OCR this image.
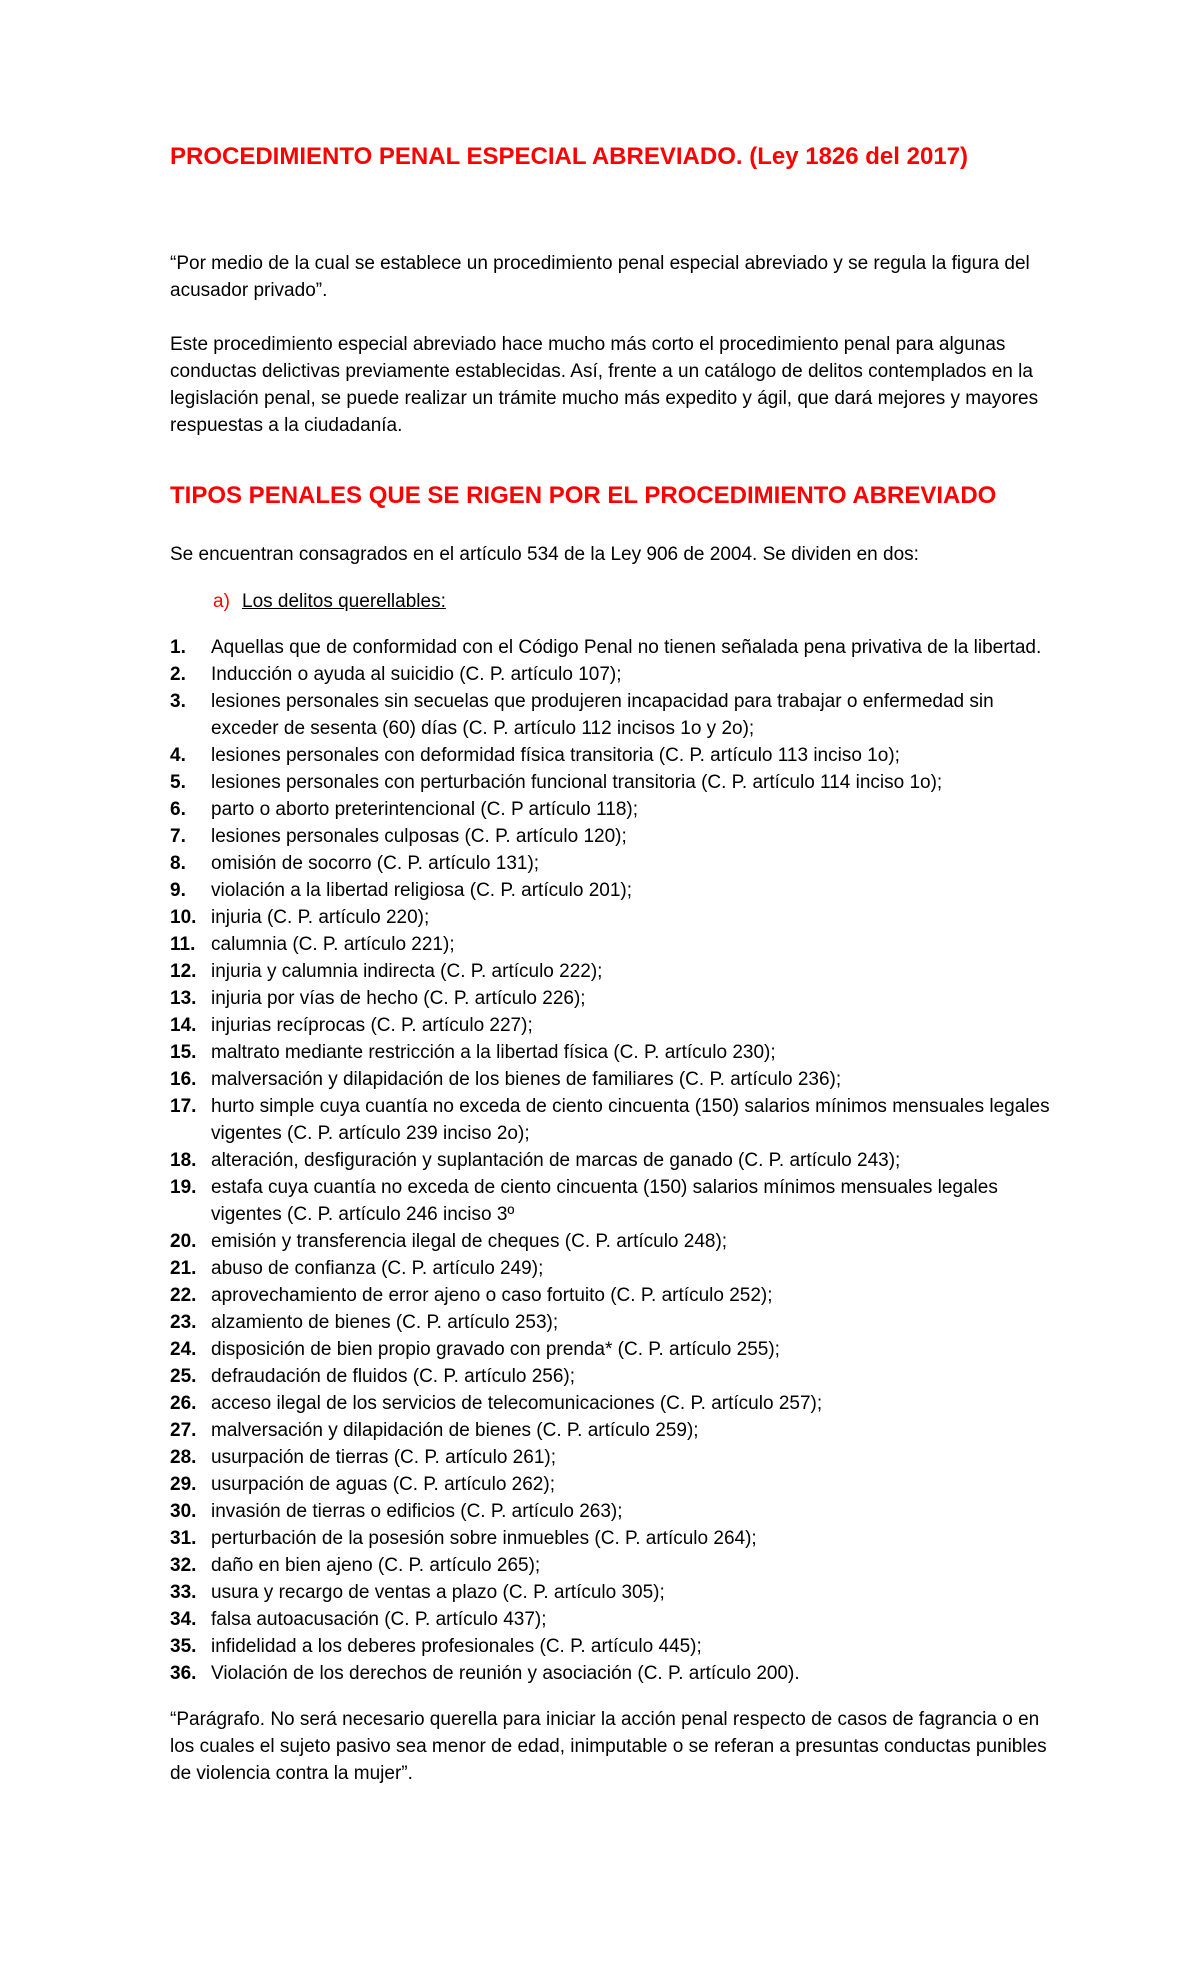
PROCEDIMIENTO PENAL ESPECIAL ABREVIADO. (Ley 1826 del 2017)

“Por medio de la cual se establece un procedimiento penal especial abreviado y se regula la figura del acusador privado”.

Este procedimiento especial abreviado hace mucho más corto el procedimiento penal para algunas conductas delictivas previamente establecidas. Así, frente a un catálogo de delitos contemplados en la legislación penal, se puede realizar un trámite mucho más expedito y ágil, que dará mejores y mayores respuestas a la ciudadanía.

TIPOS PENALES QUE SE RIGEN POR EL PROCEDIMIENTO ABREVIADO

Se encuentran consagrados en el artículo 534 de la Ley 906 de 2004. Se dividen en dos:

a) Los delitos querellables:
1.	Aquellas que de conformidad con el Código Penal no tienen señalada pena privativa de la libertad.
2.	Inducción o ayuda al suicidio (C. P. artículo 107);
3.	lesiones personales sin secuelas que produjeren incapacidad para trabajar o enfermedad sin exceder de sesenta (60) días (C. P. artículo 112 incisos 1o y 2o);
4.	lesiones personales con deformidad física transitoria (C. P. artículo 113 inciso 1o);
5.	lesiones personales con perturbación funcional transitoria (C. P. artículo 114 inciso 1o);
6.	parto o aborto preterintencional (C. P artículo 118);
7.	lesiones personales culposas (C. P. artículo 120);
8.	omisión de socorro (C. P. artículo 131);
9.	violación a la libertad religiosa (C. P. artículo 201);
10. injuria (C. P. artículo 220);
11. calumnia (C. P. artículo 221);
12. injuria y calumnia indirecta (C. P. artículo 222);
13. injuria por vías de hecho (C. P. artículo 226);
14. injurias recíprocas (C. P. artículo 227);
15. maltrato mediante restricción a la libertad física (C. P. artículo 230);
16. malversación y dilapidación de los bienes de familiares (C. P. artículo 236);
17. hurto simple cuya cuantía no exceda de ciento cincuenta (150) salarios mínimos mensuales legales vigentes (C. P. artículo 239 inciso 2o);
18. alteración, desfiguración y suplantación de marcas de ganado (C. P. artículo 243);
19. estafa cuya cuantía no exceda de ciento cincuenta (150) salarios mínimos mensuales legales vigentes (C. P. artículo 246 inciso 3º
20. emisión y transferencia ilegal de cheques (C. P. artículo 248);
21. abuso de confianza (C. P. artículo 249);
22. aprovechamiento de error ajeno o caso fortuito (C. P. artículo 252);
23. alzamiento de bienes (C. P. artículo 253);
24. disposición de bien propio gravado con prenda* (C. P. artículo 255);
25. defraudación de fluidos (C. P. artículo 256);
26. acceso ilegal de los servicios de telecomunicaciones (C. P. artículo 257);
27. malversación y dilapidación de bienes (C. P. artículo 259);
28. usurpación de tierras (C. P. artículo 261);
29. usurpación de aguas (C. P. artículo 262);
30. invasión de tierras o edificios (C. P. artículo 263);
31. perturbación de la posesión sobre inmuebles (C. P. artículo 264);
32. daño en bien ajeno (C. P. artículo 265);
33. usura y recargo de ventas a plazo (C. P. artículo 305);
34. falsa autoacusación (C. P. artículo 437);
35. infidelidad a los deberes profesionales (C. P. artículo 445);
36. Violación de los derechos de reunión y asociación (C. P. artículo 200).

“Parágrafo. No será necesario querella para iniciar la acción penal respecto de casos de fagrancia o en los cuales el sujeto pasivo sea menor de edad, inimputable o se referan a presuntas conductas punibles de violencia contra la mujer”.
